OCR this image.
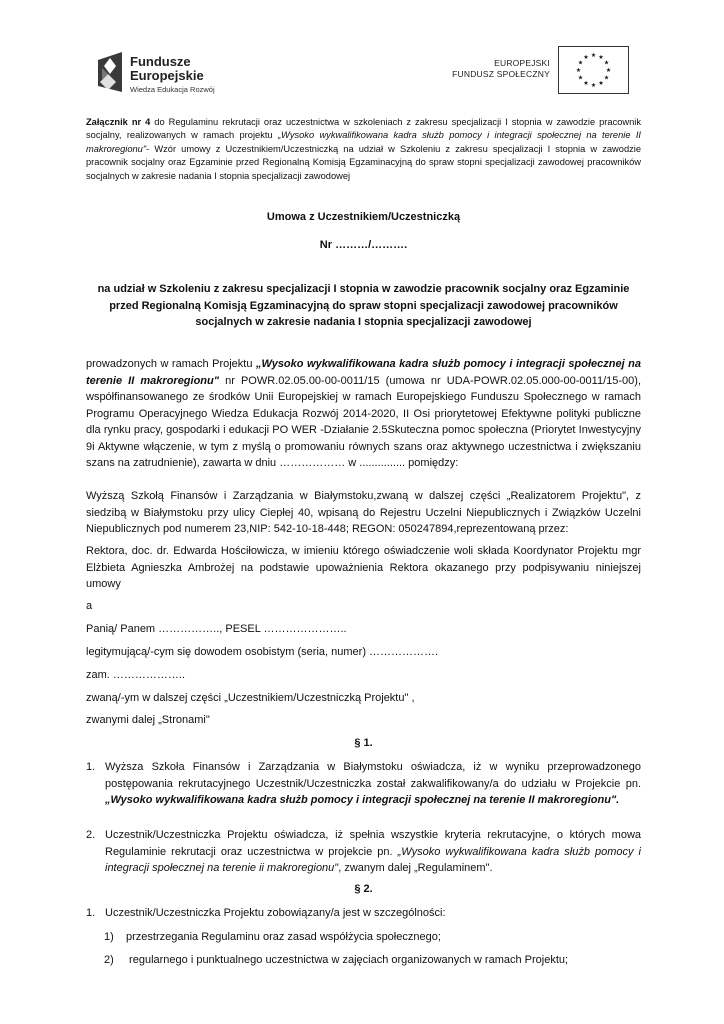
Fundusze
Europejskie
Wiedza Edukacja Rozwój
EUROPEJSKI
FUNDUSZ SPOŁECZNY
Załącznik nr 4 do Regulaminu rekrutacji oraz uczestnictwa w szkoleniach z zakresu specjalizacji I stopnia w zawodzie pracownik socjalny, realizowanych w ramach projektu „Wysoko wykwalifikowana kadra służb pomocy i integracji społecznej na terenie II makroregionu"- Wzór umowy z Uczestnikiem/Uczestniczką na udział w Szkoleniu z zakresu specjalizacji I stopnia w zawodzie pracownik socjalny oraz Egzaminie przed Regionalną Komisją Egzaminacyjną do spraw stopni specjalizacji zawodowej pracowników socjalnych w zakresie nadania I stopnia specjalizacji zawodowej
Umowa z Uczestnikiem/Uczestniczką
Nr ………/……….
na udział w Szkoleniu z zakresu specjalizacji I stopnia w zawodzie pracownik socjalny oraz Egzaminie przed Regionalną Komisją Egzaminacyjną do spraw stopni specjalizacji zawodowej pracowników socjalnych w zakresie nadania I stopnia specjalizacji zawodowej
prowadzonych w ramach Projektu „Wysoko wykwalifikowana kadra służb pomocy i integracji społecznej na terenie II makroregionu" nr POWR.02.05.00-00-0011/15 (umowa nr UDA-POWR.02.05.000-00-0011/15-00), współfinansowanego ze środków Unii Europejskiej w ramach Europejskiego Funduszu Społecznego w ramach Programu Operacyjnego Wiedza Edukacja Rozwój 2014-2020, II Osi priorytetowej Efektywne polityki publiczne dla rynku pracy, gospodarki i edukacji PO WER -Działanie 2.5Skuteczna pomoc społeczna (Priorytet Inwestycyjny 9i Aktywne włączenie, w tym z myślą o promowaniu równych szans oraz aktywnego uczestnictwa i zwiększaniu szans na zatrudnienie), zawarta w dniu ……………… w ............... pomiędzy:
Wyższą Szkołą Finansów i Zarządzania w Białymstoku,zwaną w dalszej części „Realizatorem Projektu", z siedzibą w Białymstoku przy ulicy Ciepłej 40, wpisaną do Rejestru Uczelni Niepublicznych i Związków Uczelni Niepublicznych pod numerem 23,NIP: 542-10-18-448; REGON: 050247894,reprezentowaną przez:
Rektora, doc. dr. Edwarda Hościłowicza, w imieniu którego oświadczenie woli składa Koordynator Projektu mgr Elżbieta Agnieszka Ambrożej na podstawie upoważnienia Rektora okazanego przy podpisywaniu niniejszej umowy
a
Panią/ Panem …………….., PESEL …………………..
legitymującą/-cym się dowodem osobistym (seria, numer) ……………….
zam. ………………..
zwaną/-ym w dalszej części „Uczestnikiem/Uczestniczką Projektu" ,
zwanymi dalej „Stronami"
§ 1.
1. Wyższa Szkoła Finansów i Zarządzania w Białymstoku oświadcza, iż w wyniku przeprowadzonego postępowania rekrutacyjnego Uczestnik/Uczestniczka został zakwalifikowany/a do udziału w Projekcie pn. „Wysoko wykwalifikowana kadra służb pomocy i integracji społecznej na terenie II makroregionu".
2. Uczestnik/Uczestniczka Projektu oświadcza, iż spełnia wszystkie kryteria rekrutacyjne, o których mowa Regulaminie rekrutacji oraz uczestnictwa w projekcie pn. „Wysoko wykwalifikowana kadra służb pomocy i integracji społecznej na terenie ii makroregionu", zwanym dalej „Regulaminem".
§ 2.
1. Uczestnik/Uczestniczka Projektu zobowiązany/a jest w szczególności:
1) przestrzegania Regulaminu oraz zasad współżycia społecznego;
2) regularnego i punktualnego uczestnictwa w zajęciach organizowanych w ramach Projektu;
